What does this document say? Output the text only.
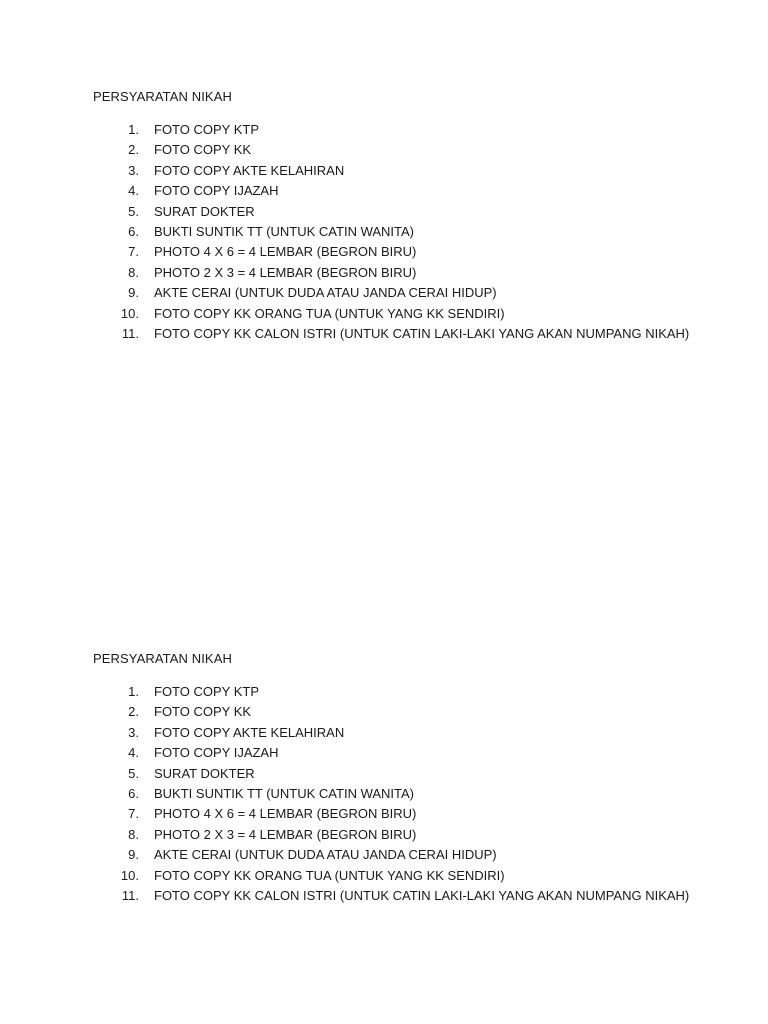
PERSYARATAN NIKAH

1. FOTO COPY KTP
2. FOTO COPY KK
3. FOTO COPY AKTE KELAHIRAN
4. FOTO COPY IJAZAH
5. SURAT DOKTER
6. BUKTI SUNTIK TT (UNTUK CATIN WANITA)
7. PHOTO 4 X 6 = 4 LEMBAR (BEGRON BIRU)
8. PHOTO 2 X 3 = 4 LEMBAR (BEGRON BIRU)
9. AKTE CERAI (UNTUK DUDA ATAU JANDA CERAI HIDUP)
10. FOTO COPY KK ORANG TUA (UNTUK YANG KK SENDIRI)
11. FOTO COPY KK CALON ISTRI (UNTUK CATIN LAKI-LAKI YANG AKAN NUMPANG NIKAH)

PERSYARATAN NIKAH

1. FOTO COPY KTP
2. FOTO COPY KK
3. FOTO COPY AKTE KELAHIRAN
4. FOTO COPY IJAZAH
5. SURAT DOKTER
6. BUKTI SUNTIK TT (UNTUK CATIN WANITA)
7. PHOTO 4 X 6 = 4 LEMBAR (BEGRON BIRU)
8. PHOTO 2 X 3 = 4 LEMBAR (BEGRON BIRU)
9. AKTE CERAI (UNTUK DUDA ATAU JANDA CERAI HIDUP)
10. FOTO COPY KK ORANG TUA (UNTUK YANG KK SENDIRI)
11. FOTO COPY KK CALON ISTRI (UNTUK CATIN LAKI-LAKI YANG AKAN NUMPANG NIKAH)
